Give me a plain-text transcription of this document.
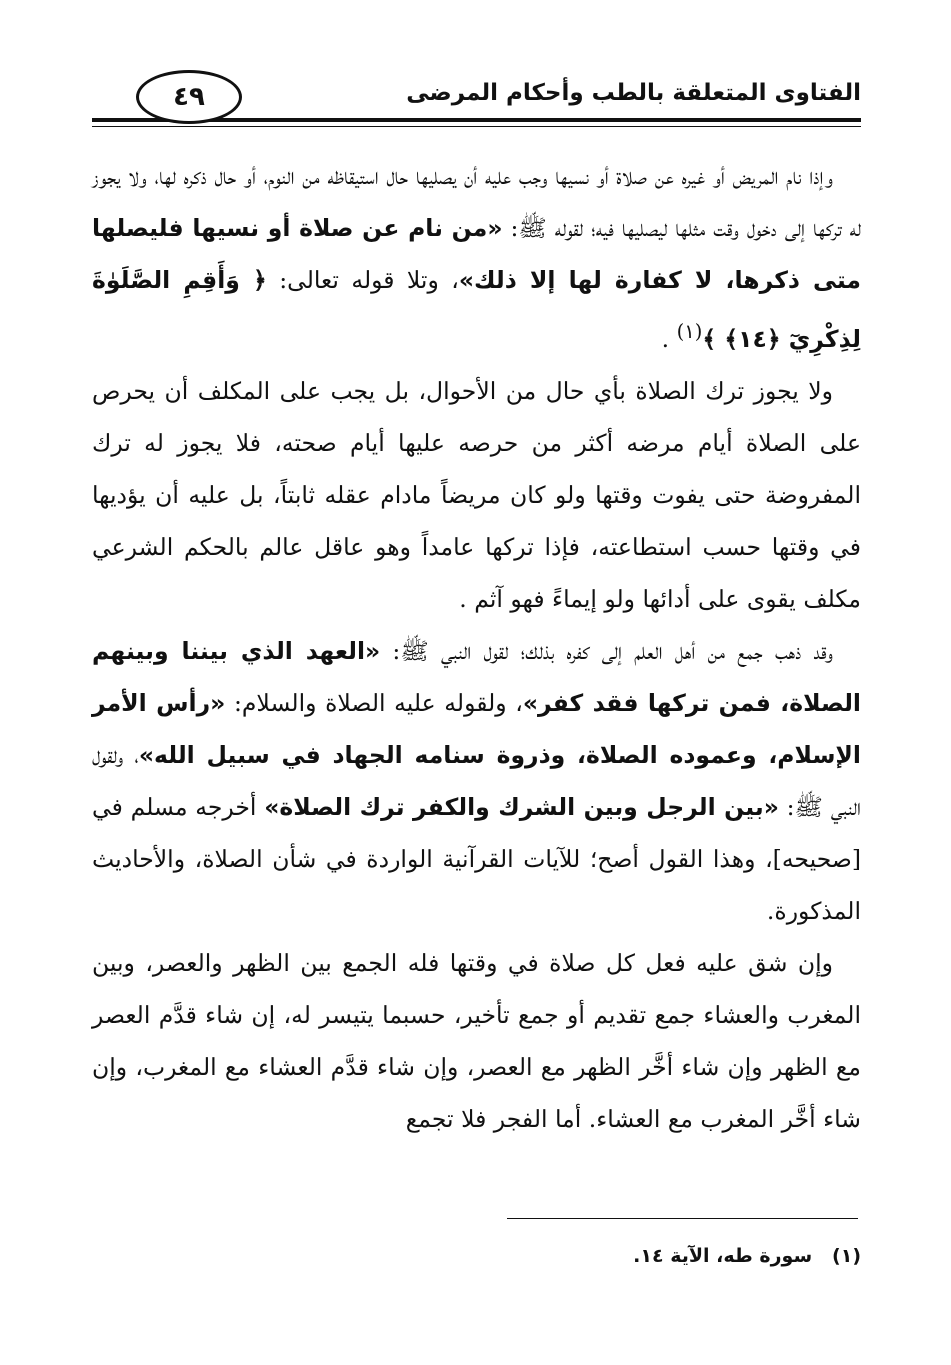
الفتاوى المتعلقة بالطب وأحكام المرضى
٤٩

وإذا نام المريض أو غيره عن صلاة أو نسيها وجب عليه أن يصليها حال استيقاظه من النوم، أو حال ذكره لها، ولا يجوز له تركها إلى دخول وقت مثلها ليصليها فيه؛ لقوله ﷺ: «من نام عن صلاة أو نسيها فليصلها متى ذكرها، لا كفارة لها إلا ذلك»، وتلا قوله تعالى: ﴿ وَأَقِمِ الصَّلَوٰةَ لِذِكْرِيٓ ﴿١٤﴾ ﴾$^{(١)}$ .

ولا يجوز ترك الصلاة بأي حال من الأحوال، بل يجب على المكلف أن يحرص على الصلاة أيام مرضه أكثر من حرصه عليها أيام صحته، فلا يجوز له ترك المفروضة حتى يفوت وقتها ولو كان مريضاً مادام عقله ثابتاً، بل عليه أن يؤديها في وقتها حسب استطاعته، فإذا تركها عامداً وهو عاقل عالم بالحكم الشرعي مكلف يقوى على أدائها ولو إيماءً فهو آثم .

وقد ذهب جمع من أهل العلم إلى كفره بذلك؛ لقول النبي ﷺ: «العهد الذي بيننا وبينهم الصلاة، فمن تركها فقد كفر»، ولقوله عليه الصلاة والسلام: «رأس الأمر الإسلام، وعموده الصلاة، وذروة سنامه الجهاد في سبيل الله»، ولقول النبي ﷺ: «بين الرجل وبين الشرك والكفر ترك الصلاة» أخرجه مسلم في [صحيحه]، وهذا القول أصح؛ للآيات القرآنية الواردة في شأن الصلاة، والأحاديث المذكورة.

وإن شق عليه فعل كل صلاة في وقتها فله الجمع بين الظهر والعصر، وبين المغرب والعشاء جمع تقديم أو جمع تأخير، حسبما يتيسر له، إن شاء قدَّم العصر مع الظهر وإن شاء أخَّر الظهر مع العصر، وإن شاء قدَّم العشاء مع المغرب، وإن شاء أخَّر المغرب مع العشاء. أما الفجر فلا تجمع

(١)   سورة طه، الآية ١٤.
